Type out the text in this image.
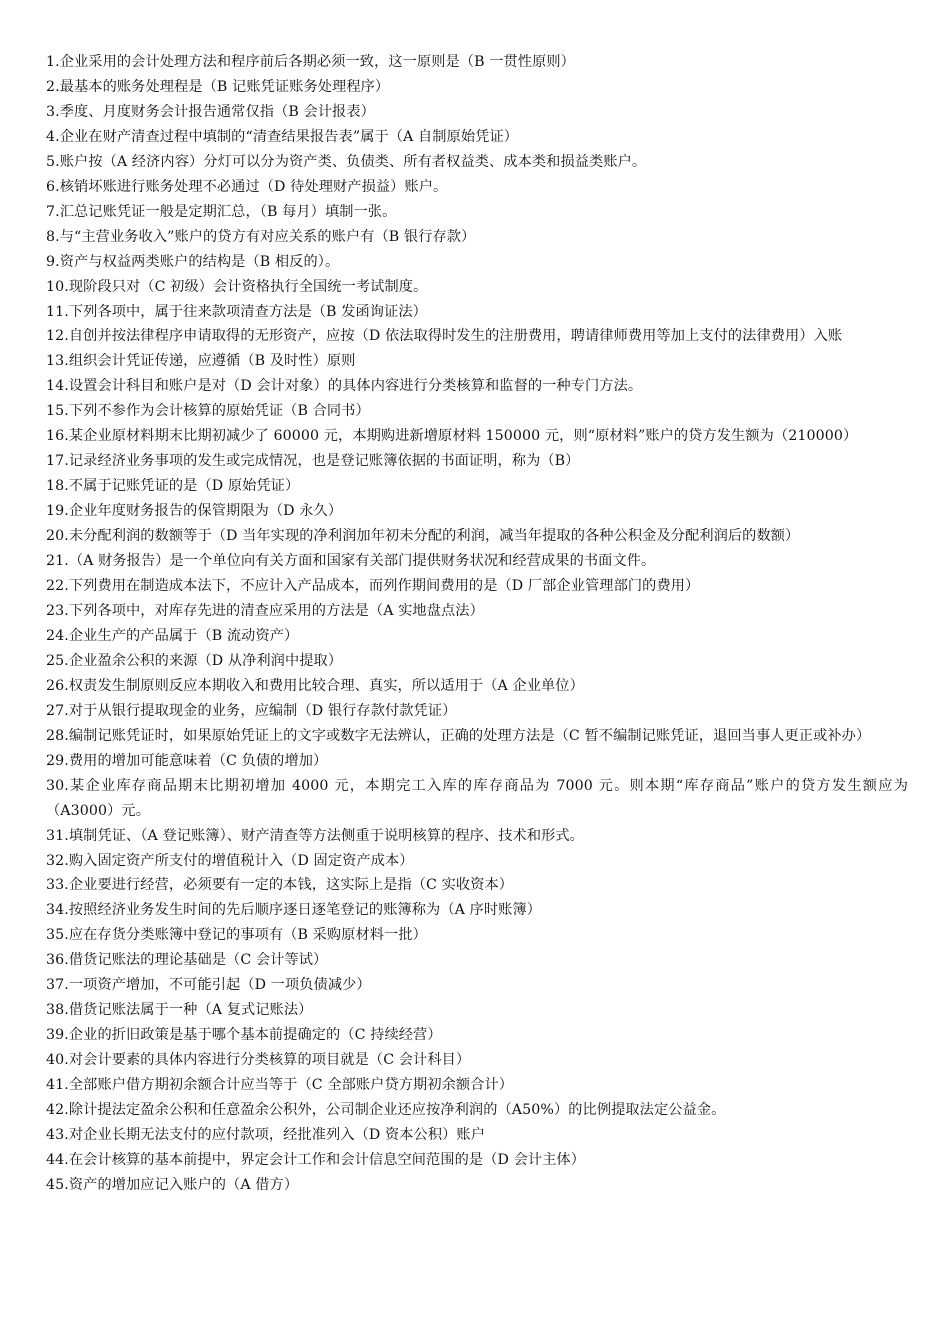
1.企业采用的会计处理方法和程序前后各期必须一致，这一原则是（B 一贯性原则）

2.最基本的账务处理程是（B 记账凭证账务处理程序）

3.季度、月度财务会计报告通常仅指（B 会计报表）

4.企业在财产清查过程中填制的“清查结果报告表”属于（A 自制原始凭证）

5.账户按（A 经济内容）分灯可以分为资产类、负债类、所有者权益类、成本类和损益类账户。

6.核销坏账进行账务处理不必通过（D 待处理财产损益）账户。

7.汇总记账凭证一般是定期汇总，（B 每月）填制一张。

8.与“主营业务收入”账户的贷方有对应关系的账户有（B 银行存款）

9.资产与权益两类账户的结构是（B 相反的）。

10.现阶段只对（C 初级）会计资格执行全国统一考试制度。

11.下列各项中，属于往来款项清查方法是（B 发函询证法）

12.自创并按法律程序申请取得的无形资产，应按（D 依法取得时发生的注册费用，聘请律师费用等加上支付的法律费用）入账

13.组织会计凭证传递，应遵循（B 及时性）原则

14.设置会计科目和账户是对（D 会计对象）的具体内容进行分类核算和监督的一种专门方法。

15.下列不参作为会计核算的原始凭证（B 合同书）

16.某企业原材料期末比期初减少了 60000 元，本期购进新增原材料 150000 元，则“原材料”账户的贷方发生额为（210000）

17.记录经济业务事项的发生或完成情况，也是登记账簿依据的书面证明，称为（B）

18.不属于记账凭证的是（D 原始凭证）

19.企业年度财务报告的保管期限为（D 永久）

20.未分配利润的数额等于（D 当年实现的净利润加年初未分配的利润，减当年提取的各种公积金及分配利润后的数额）

21.（A 财务报告）是一个单位向有关方面和国家有关部门提供财务状况和经营成果的书面文件。

22.下列费用在制造成本法下，不应计入产品成本，而列作期间费用的是（D 厂部企业管理部门的费用）

23.下列各项中，对库存先进的清查应采用的方法是（A 实地盘点法）

24.企业生产的产品属于（B 流动资产）

25.企业盈余公积的来源（D 从净利润中提取）

26.权责发生制原则反应本期收入和费用比较合理、真实，所以适用于（A 企业单位）

27.对于从银行提取现金的业务，应编制（D 银行存款付款凭证）

28.编制记账凭证时，如果原始凭证上的文字或数字无法辨认，正确的处理方法是（C 暂不编制记账凭证，退回当事人更正或补办）

29.费用的增加可能意味着（C 负债的增加）

30.某企业库存商品期末比期初增加 4000 元，本期完工入库的库存商品为 7000 元。则本期“库存商品”账户的贷方发生额应为（A3000）元。

31.填制凭证、（A 登记账簿）、财产清查等方法侧重于说明核算的程序、技术和形式。

32.购入固定资产所支付的增值税计入（D 固定资产成本）

33.企业要进行经营，必须要有一定的本钱，这实际上是指（C 实收资本）

34.按照经济业务发生时间的先后顺序逐日逐笔登记的账簿称为（A 序时账簿）

35.应在存货分类账簿中登记的事项有（B 采购原材料一批）

36.借货记账法的理论基础是（C 会计等试）

37.一项资产增加，不可能引起（D 一项负债减少）

38.借货记账法属于一种（A 复式记账法）

39.企业的折旧政策是基于哪个基本前提确定的（C 持续经营）

40.对会计要素的具体内容进行分类核算的项目就是（C 会计科目）

41.全部账户借方期初余额合计应当等于（C 全部账户贷方期初余额合计）

42.除计提法定盈余公积和任意盈余公积外，公司制企业还应按净利润的（A50%）的比例提取法定公益金。

43.对企业长期无法支付的应付款项，经批准列入（D 资本公积）账户

44.在会计核算的基本前提中，界定会计工作和会计信息空间范围的是（D 会计主体）

45.资产的增加应记入账户的（A 借方）
